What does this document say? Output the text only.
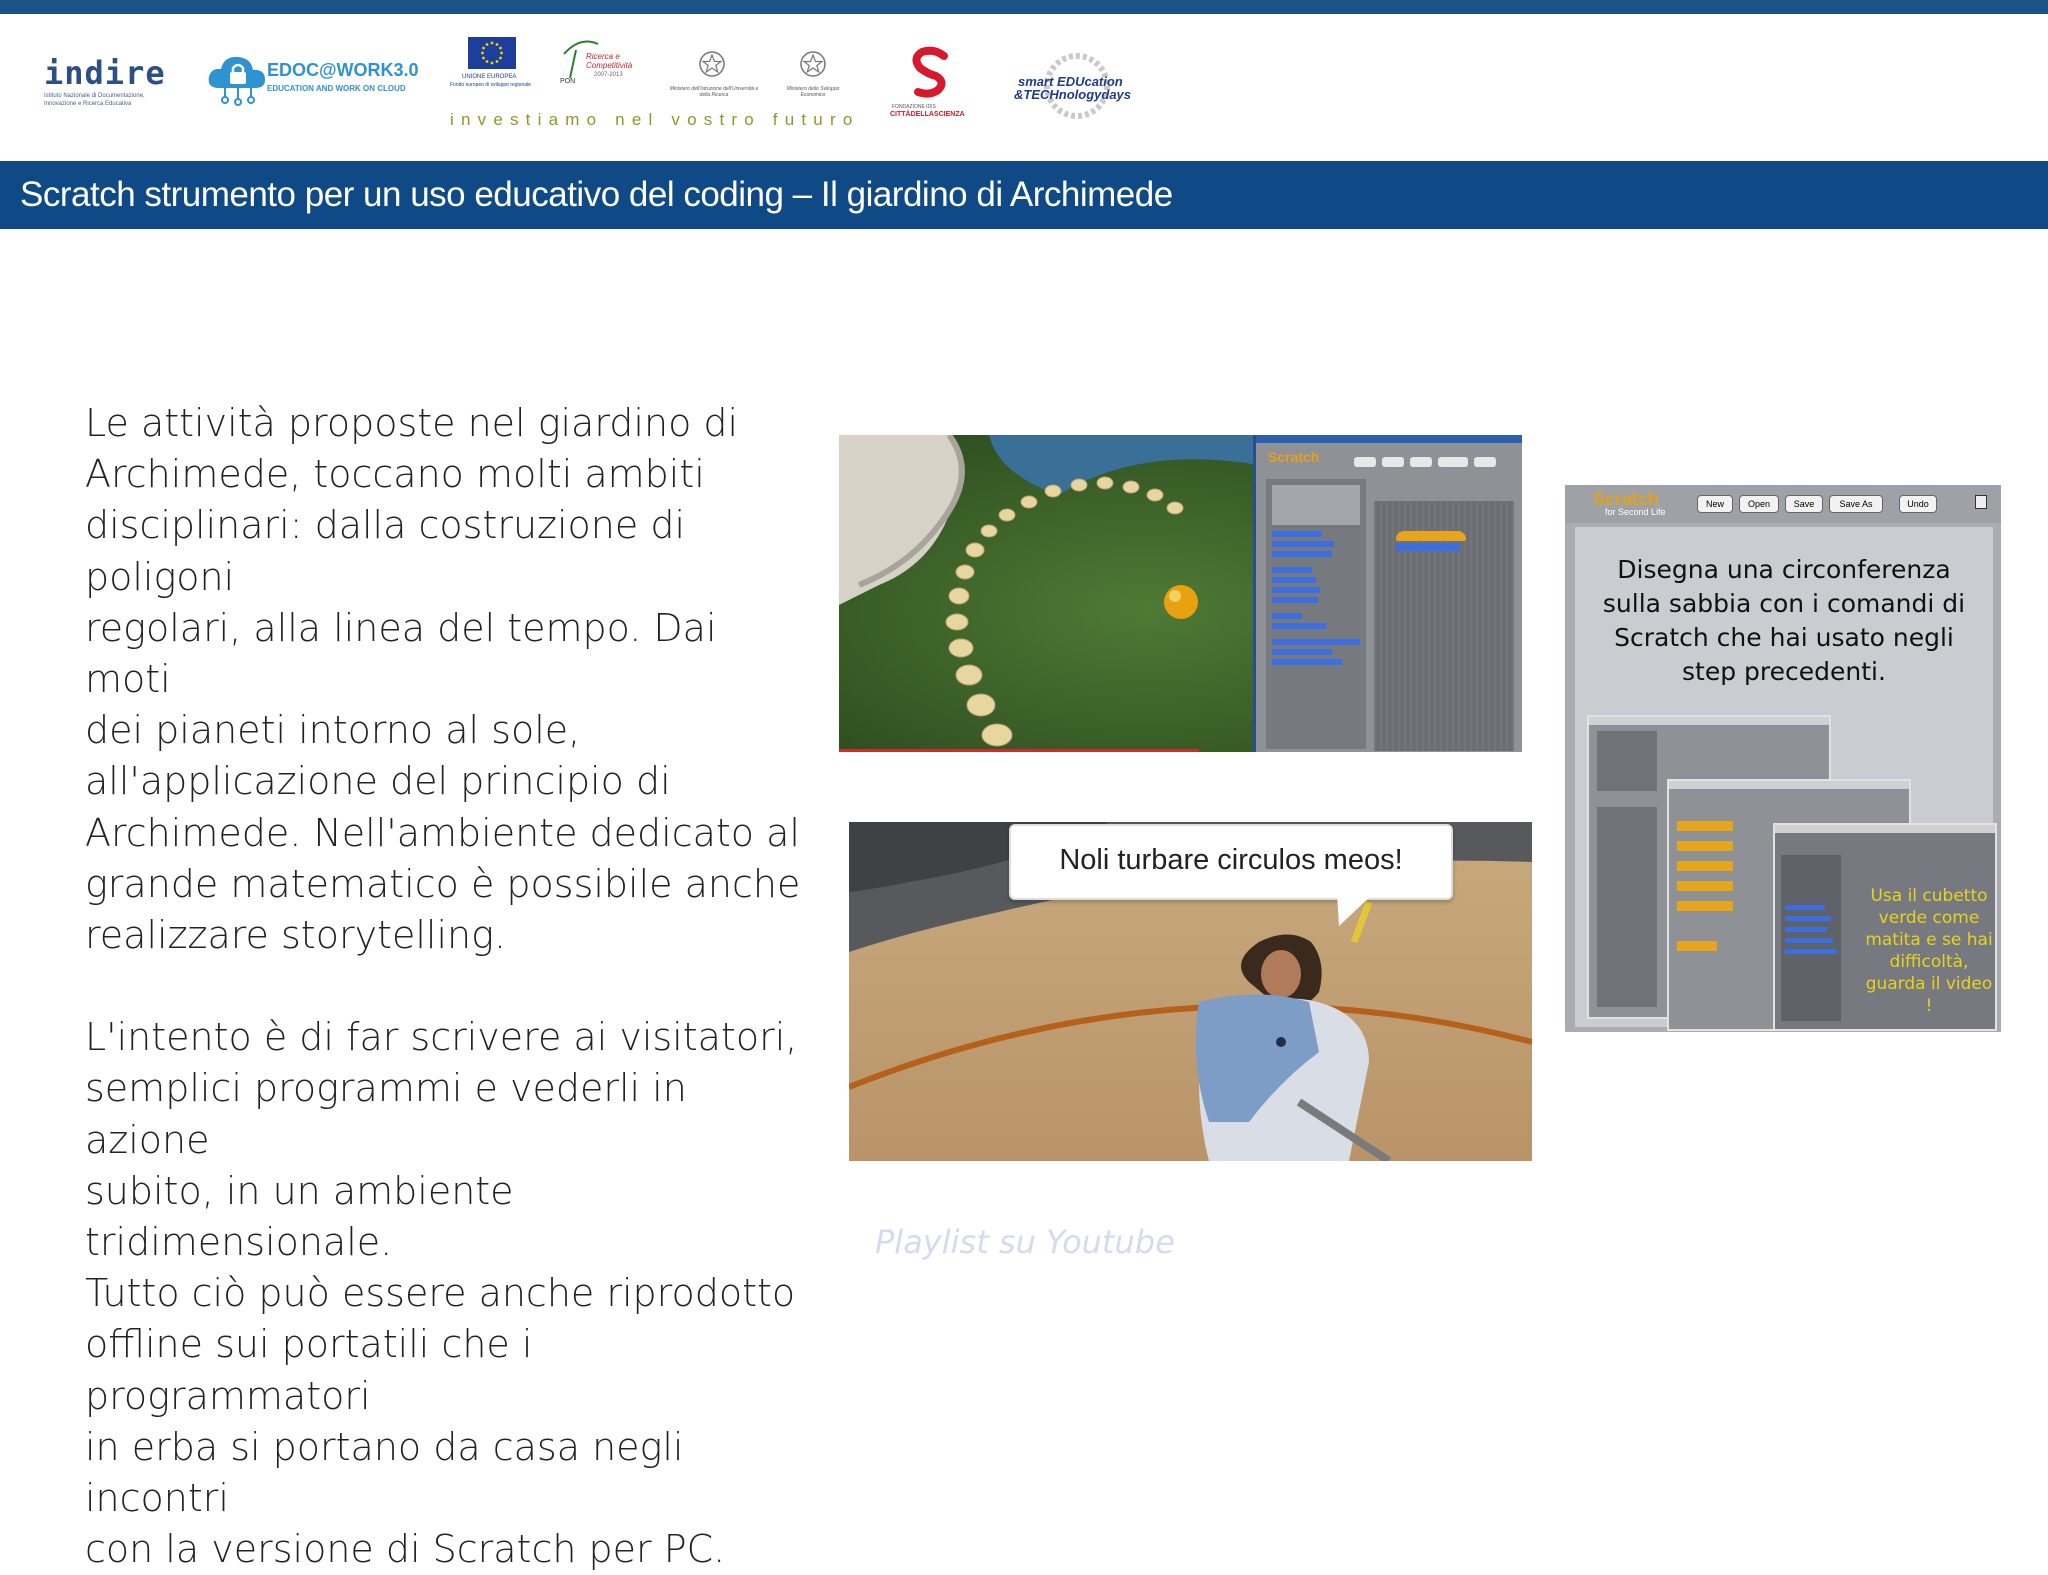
indire
Istituto Nazionale di Documentazione, Innovazione e Ricerca Educativa
EDOC@WORK3.0
EDUCATION AND WORK ON CLOUD
UNIONE EUROPEA
Fondo europeo di sviluppo regionale	PON
Ricerca e Competitività
2007-2013
Ministero dell'Istruzione dell'Università e della Ricerca
Ministero dello Sviluppo Economico
investiamo nel vostro futuro
FONDAZIONE IDIS
CITTÀDELLASCIENZA
smart EDUcation
&TECHnologydays
Scratch strumento per un uso educativo del coding – Il giardino di Archimede

Le attività proposte nel giardino di
Archimede, toccano molti ambiti
disciplinari: dalla costruzione di poligoni
regolari, alla linea del tempo. Dai moti
dei pianeti intorno al sole,
all'applicazione del principio di
Archimede. Nell'ambiente dedicato al
grande matematico è possibile anche
realizzare storytelling.

L'intento è di far scrivere ai visitatori,
semplici programmi e vederli in azione
subito, in un ambiente tridimensionale.
Tutto ciò può essere anche riprodotto
offline sui portatili che i programmatori
in erba si portano da casa negli incontri
con la versione di Scratch per PC.

Scratch
Noli turbare circulos meos!
Scratch
for Second Life
New	Open	Save	Save As	Undo
Disegna una circonferenza sulla sabbia con i comandi di Scratch che hai usato negli step precedenti.
Usa il cubetto verde come matita e se hai difficoltà, guarda il video !
Playlist su Youtube
